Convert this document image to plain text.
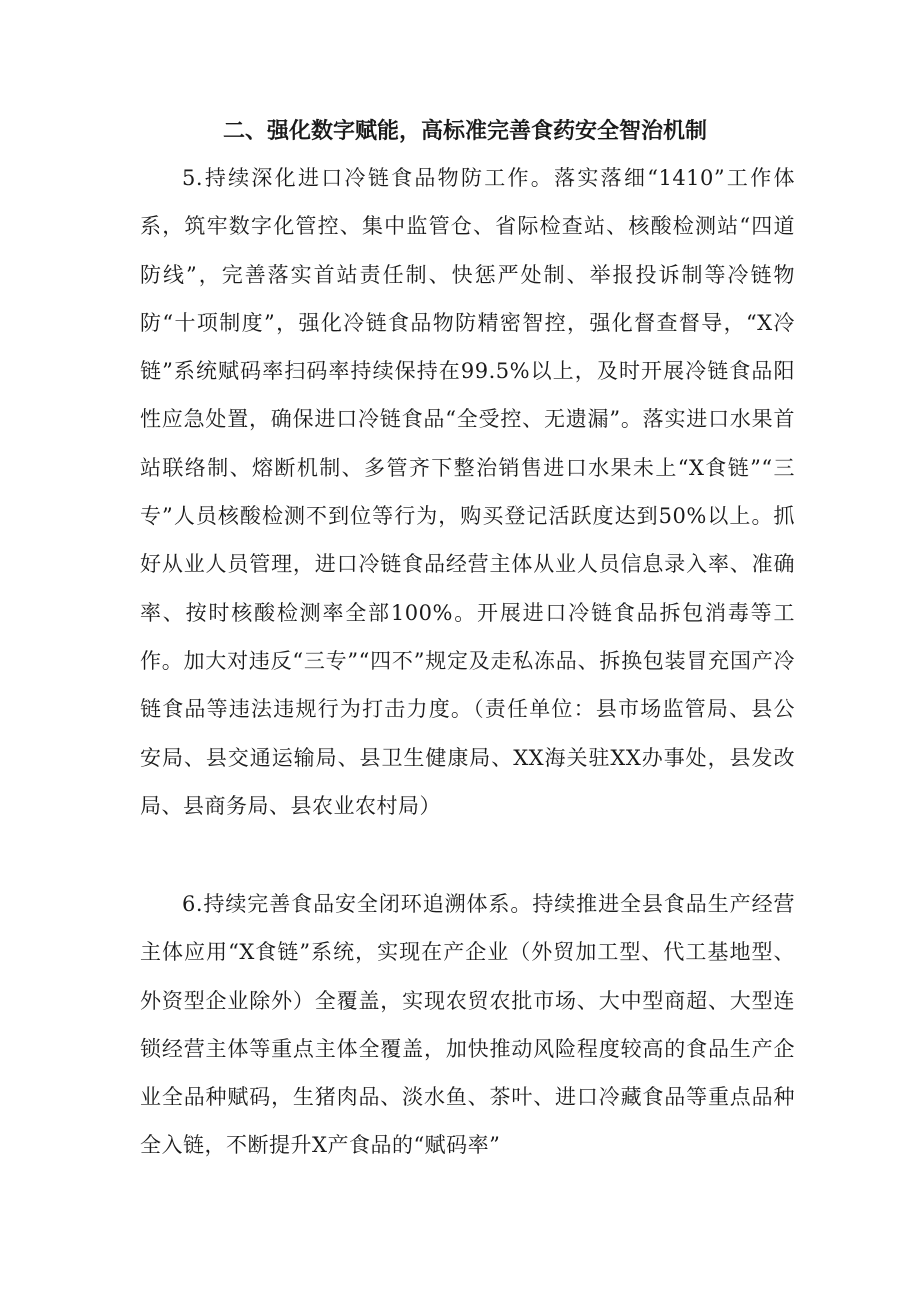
二、强化数字赋能，高标准完善食药安全智治机制

5.持续深化进口冷链食品物防工作。落实落细“1410”工作体系，筑牢数字化管控、集中监管仓、省际检查站、核酸检测站“四道防线”，完善落实首站责任制、快惩严处制、举报投诉制等冷链物防“十项制度”，强化冷链食品物防精密智控，强化督查督导，“X冷链”系统赋码率扫码率持续保持在99.5%以上，及时开展冷链食品阳性应急处置，确保进口冷链食品“全受控、无遗漏”。落实进口水果首站联络制、熔断机制、多管齐下整治销售进口水果未上“X食链”“三专”人员核酸检测不到位等行为，购买登记活跃度达到50%以上。抓好从业人员管理，进口冷链食品经营主体从业人员信息录入率、准确率、按时核酸检测率全部100%。开展进口冷链食品拆包消毒等工作。加大对违反“三专”“四不”规定及走私冻品、拆换包装冒充国产冷链食品等违法违规行为打击力度。（责任单位：县市场监管局、县公安局、县交通运输局、县卫生健康局、XX海关驻XX办事处，县发改局、县商务局、县农业农村局）

6.持续完善食品安全闭环追溯体系。持续推进全县食品生产经营主体应用“X食链”系统，实现在产企业（外贸加工型、代工基地型、外资型企业除外）全覆盖，实现农贸农批市场、大中型商超、大型连锁经营主体等重点主体全覆盖，加快推动风险程度较高的食品生产企业全品种赋码，生猪肉品、淡水鱼、茶叶、进口冷藏食品等重点品种全入链，不断提升X产食品的“赋码率”
